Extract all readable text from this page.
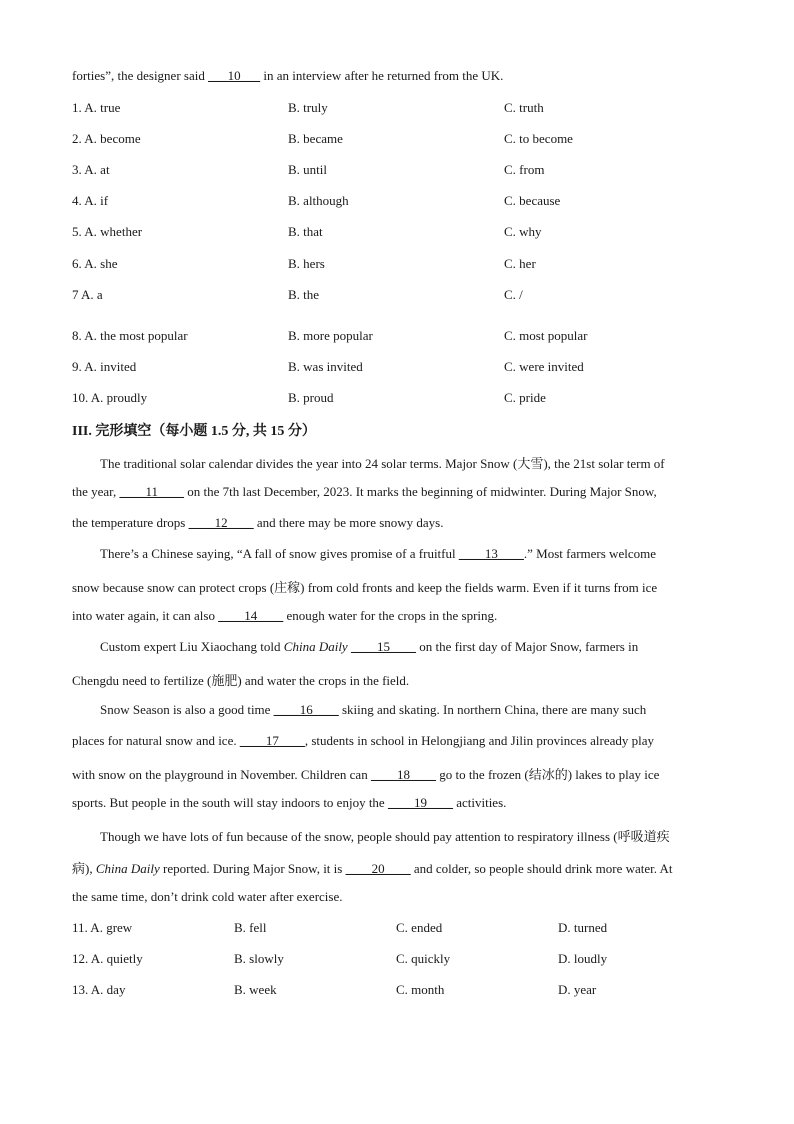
forties”, the designer said ___10___ in an interview after he returned from the UK.
1. A. true	B. truly	C. truth
2. A. become	B. became	C. to become
3. A. at	B. until	C. from
4. A. if	B. although	C. because
5. A. whether	B. that	C. why
6. A. she	B. hers	C. her
7 A. a	B. the	C. /
8. A. the most popular	B. more popular	C. most popular
9. A. invited	B. was invited	C. were invited
10. A. proudly	B. proud	C. pride
III. 完形填空（每小题 1.5 分, 共 15 分）
The traditional solar calendar divides the year into 24 solar terms. Major Snow (大雪), the 21st solar term of
the year, ____11____ on the 7th last December, 2023. It marks the beginning of midwinter. During Major Snow,
the temperature drops ____12____ and there may be more snowy days.
There’s a Chinese saying, “A fall of snow gives promise of a fruitful ____13____.” Most farmers welcome
snow because snow can protect crops (庄稼) from cold fronts and keep the fields warm. Even if it turns from ice
into water again, it can also ____14____ enough water for the crops in the spring.
Custom expert Liu Xiaochang told China Daily ____15____ on the first day of Major Snow, farmers in
Chengdu need to fertilize (施肥) and water the crops in the field.
Snow Season is also a good time ____16____ skiing and skating. In northern China, there are many such
places for natural snow and ice. ____17____, students in school in Helongjiang and Jilin provinces already play
with snow on the playground in November. Children can ____18____ go to the frozen (结冰的) lakes to play ice
sports. But people in the south will stay indoors to enjoy the ____19____ activities.
Though we have lots of fun because of the snow, people should pay attention to respiratory illness (呼吸道疾
病), China Daily reported. During Major Snow, it is ____20____ and colder, so people should drink more water. At
the same time, don’t drink cold water after exercise.
11. A. grew	B. fell	C. ended	D. turned
12. A. quietly	B. slowly	C. quickly	D. loudly
13. A. day	B. week	C. month	D. year
